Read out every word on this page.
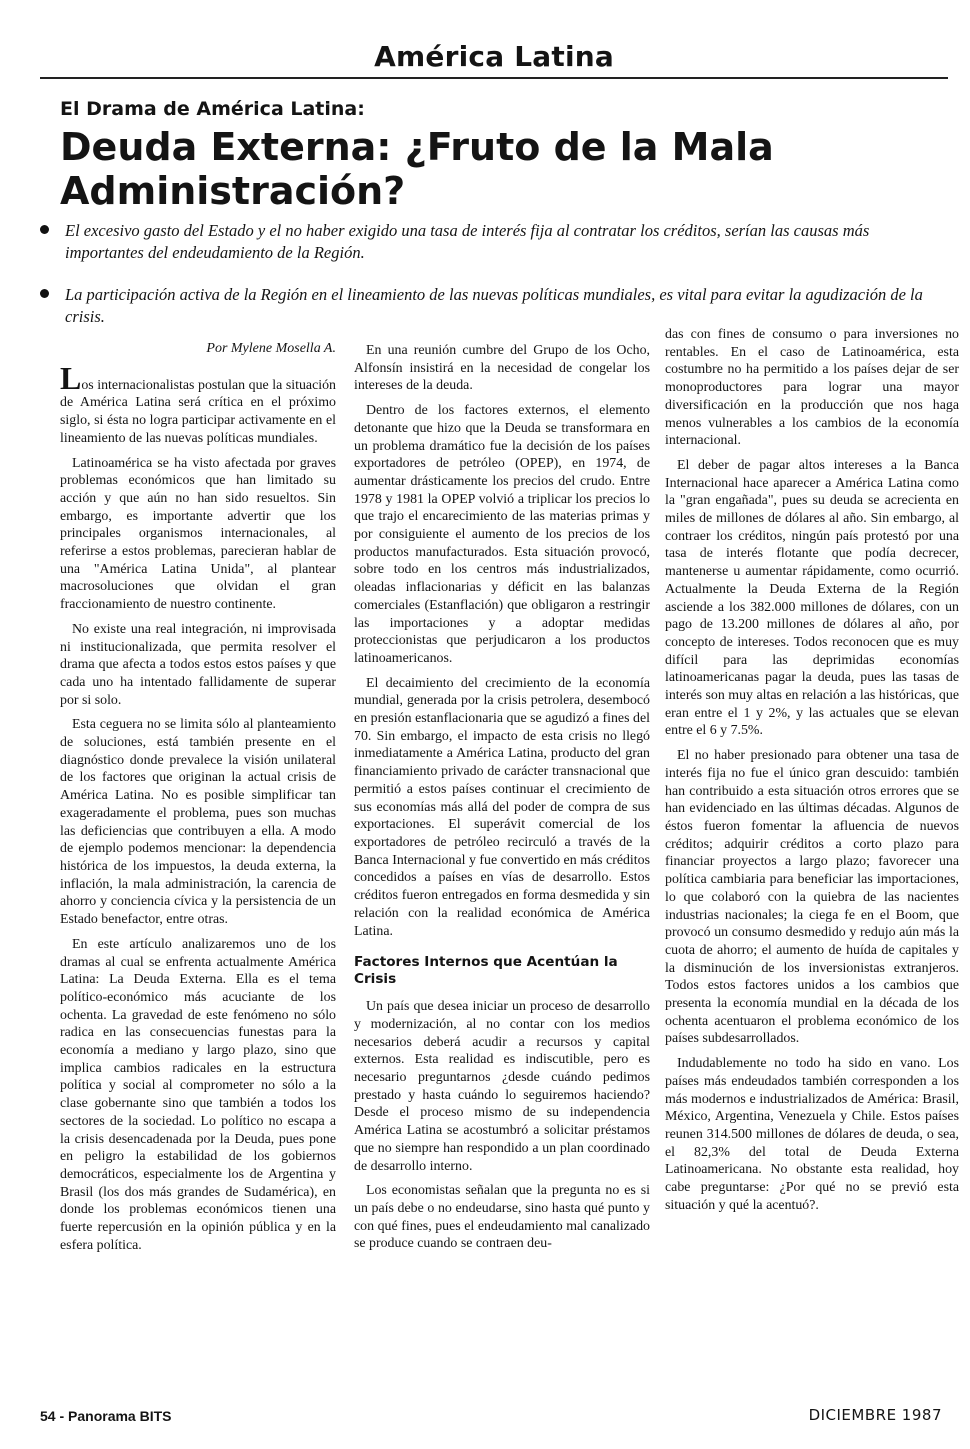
América Latina
El Drama de América Latina:
Deuda Externa: ¿Fruto de la Mala Administración?
El excesivo gasto del Estado y el no haber exigido una tasa de interés fija al contratar los créditos, serían las causas más importantes del endeudamiento de la Región.
La participación activa de la Región en el lineamiento de las nuevas políticas mundiales, es vital para evitar la agudización de la crisis.

Por Mylene Mosella A.

Los internacionalistas postulan que la situación de América Latina será crítica en el próximo siglo, si ésta no logra participar activamente en el lineamiento de las nuevas políticas mundiales.

Latinoamérica se ha visto afectada por graves problemas económicos que han limitado su acción y que aún no han sido resueltos. Sin embargo, es importante advertir que los principales organismos internacionales, al referirse a estos problemas, parecieran hablar de una "América Latina Unida", al plantear macrosoluciones que olvidan el gran fraccionamiento de nuestro continente.

No existe una real integración, ni improvisada ni institucionalizada, que permita resolver el drama que afecta a todos estos estos países y que cada uno ha intentado fallidamente de superar por si solo.

Esta ceguera no se limita sólo al planteamiento de soluciones, está también presente en el diagnóstico donde prevalece la visión unilateral de los factores que originan la actual crisis de América Latina. No es posible simplificar tan exageradamente el problema, pues son muchas las deficiencias que contribuyen a ella. A modo de ejemplo podemos mencionar: la dependencia histórica de los impuestos, la deuda externa, la inflación, la mala administración, la carencia de ahorro y conciencia cívica y la persistencia de un Estado benefactor, entre otras.

En este artículo analizaremos uno de los dramas al cual se enfrenta actualmente América Latina: La Deuda Externa. Ella es el tema político-económico más acuciante de los ochenta. La gravedad de este fenómeno no sólo radica en las consecuencias funestas para la economía a mediano y largo plazo, sino que implica cambios radicales en la estructura política y social al comprometer no sólo a la clase gobernante sino que también a todos los sectores de la sociedad. Lo político no escapa a la crisis desencadenada por la Deuda, pues pone en peligro la estabilidad de los gobiernos democráticos, especialmente los de Argentina y Brasil (los dos más grandes de Sudamérica), en donde los problemas económicos tienen una fuerte repercusión en la opinión pública y en la esfera política.

En una reunión cumbre del Grupo de los Ocho, Alfonsín insistirá en la necesidad de congelar los intereses de la deuda.

Dentro de los factores externos, el elemento detonante que hizo que la Deuda se transformara en un problema dramático fue la decisión de los países exportadores de petróleo (OPEP), en 1974, de aumentar drásticamente los precios del crudo. Entre 1978 y 1981 la OPEP volvió a triplicar los precios lo que trajo el encarecimiento de las materias primas y por consiguiente el aumento de los precios de los productos manufacturados. Esta situación provocó, sobre todo en los centros más industrializados, oleadas inflacionarias y déficit en las balanzas comerciales (Estanflación) que obligaron a restringir las importaciones y a adoptar medidas proteccionistas que perjudicaron a los productos latinoamericanos.

El decaimiento del crecimiento de la economía mundial, generada por la crisis petrolera, desembocó en presión estanflacionaria que se agudizó a fines del 70. Sin embargo, el impacto de esta crisis no llegó inmediatamente a América Latina, producto del gran financiamiento privado de carácter transnacional que permitió a estos países continuar el crecimiento de sus economías más allá del poder de compra de sus exportaciones. El superávit comercial de los exportadores de petróleo recirculó a través de la Banca Internacional y fue convertido en más créditos concedidos a países en vías de desarrollo. Estos créditos fueron entregados en forma desmedida y sin relación con la realidad económica de América Latina.

Factores Internos que Acentúan la Crisis

Un país que desea iniciar un proceso de desarrollo y modernización, al no contar con los medios necesarios deberá acudir a recursos y capital externos. Esta realidad es indiscutible, pero es necesario preguntarnos ¿desde cuándo pedimos prestado y hasta cuándo lo seguiremos haciendo? Desde el proceso mismo de su independencia América Latina se acostumbró a solicitar préstamos que no siempre han respondido a un plan coordinado de desarrollo interno.

Los economistas señalan que la pregunta no es si un país debe o no endeudarse, sino hasta qué punto y con qué fines, pues el endeudamiento mal canalizado se produce cuando se contraen deu-

das con fines de consumo o para inversiones no rentables. En el caso de Latinoamérica, esta costumbre no ha permitido a los países dejar de ser monoproductores para lograr una mayor diversificación en la producción que nos haga menos vulnerables a los cambios de la economía internacional.

El deber de pagar altos intereses a la Banca Internacional hace aparecer a América Latina como la "gran engañada", pues su deuda se acrecienta en miles de millones de dólares al año. Sin embargo, al contraer los créditos, ningún país protestó por una tasa de interés flotante que podía decrecer, mantenerse u aumentar rápidamente, como ocurrió. Actualmente la Deuda Externa de la Región asciende a los 382.000 millones de dólares, con un pago de 13.200 millones de dólares al año, por concepto de intereses. Todos reconocen que es muy difícil para las deprimidas economías latinoamericanas pagar la deuda, pues las tasas de interés son muy altas en relación a las históricas, que eran entre el 1 y 2%, y las actuales que se elevan entre el 6 y 7.5%.

El no haber presionado para obtener una tasa de interés fija no fue el único gran descuido: también han contribuido a esta situación otros errores que se han evidenciado en las últimas décadas. Algunos de éstos fueron fomentar la afluencia de nuevos créditos; adquirir créditos a corto plazo para financiar proyectos a largo plazo; favorecer una política cambiaria para beneficiar las importaciones, lo que colaboró con la quiebra de las nacientes industrias nacionales; la ciega fe en el Boom, que provocó un consumo desmedido y redujo aún más la cuota de ahorro; el aumento de huída de capitales y la disminución de los inversionistas extranjeros. Todos estos factores unidos a los cambios que presenta la economía mundial en la década de los ochenta acentuaron el problema económico de los países subdesarrollados.

Indudablemente no todo ha sido en vano. Los países más endeudados también corresponden a los más modernos e industrializados de América: Brasil, México, Argentina, Venezuela y Chile. Estos países reunen 314.500 millones de dólares de deuda, o sea, el 82,3% del total de Deuda Externa Latinoamericana. No obstante esta realidad, hoy cabe preguntarse: ¿Por qué no se previó esta situación y qué la acentuó?.

54 - Panorama BITS	DICIEMBRE 1987
